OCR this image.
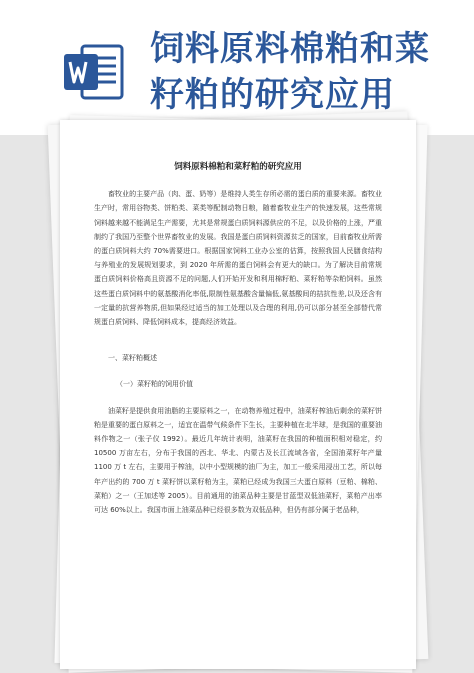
饲料原料棉粕和菜
籽粕的研究应用
饲料原料棉粕和菜籽粕的研究应用

畜牧业的主要产品（肉、蛋、奶等）是维持人类生存所必需的蛋白质的重要来源。畜牧业生产时，常用谷物类、饼粕类、菜类等配制动物日粮，随着畜牧业生产的快速发展，这些常规饲料越来越不能满足生产需要，尤其是常规蛋白质饲料源供应的不足，以及价格的上涨，严重制约了我国乃至整个世界畜牧业的发展。我国是蛋白质饲料资源贫乏的国家，目前畜牧业所需的蛋白质饲料大约 70%需要进口。根据国家饲料工业办公室的估算，按照我国人民膳食结构与养殖业的发展规划要求，到 2020 年所需的蛋白饲料会有更大的缺口。为了解决目前常规蛋白质饲料价格高且资源不足的问题,人们开始开发和利用棉籽粕、菜籽粕等杂粕饲料。虽然这些蛋白质饲料中的氨基酸消化率低,限制性氨基酸含量偏低,氨基酸间的拮抗性差,以及还含有一定量的抗营养物质,但如果经过适当的加工处理以及合理的利用,仍可以部分甚至全部替代常规蛋白质饲料、降低饲料成本，提高经济效益。

一、菜籽粕概述
（一）菜籽粕的饲用价值

油菜籽是提供食用油脂的主要原料之一，在动物养殖过程中，油菜籽榨油后剩余的菜籽饼粕是重要的蛋白原料之一，适宜在温带气候条件下生长，主要种植在北半球，是我国的重要油料作物之一（张子仪 1992）。最近几年统计表明，油菜籽在我国的种植面积相对稳定，约 10500 万亩左右，分布于我国的西北、华北、内蒙古及长江流域各省，全国油菜籽年产量 1100 万 t 左右，主要用于榨油，以中小型规模的油厂为主，加工一般采用浸出工艺，所以每年产出约的 700 万 t 菜籽饼以菜籽粕为主，菜粕已经成为我国三大蛋白原料（豆粕、棉粕、菜粕）之一（王加述等 2005）。目前通用的油菜品种主要是甘蓝型双低油菜籽，菜粕产出率可达 60%以上。我国市面上油菜品种已经很多数为双低品种，但仍有部分属于老品种，
